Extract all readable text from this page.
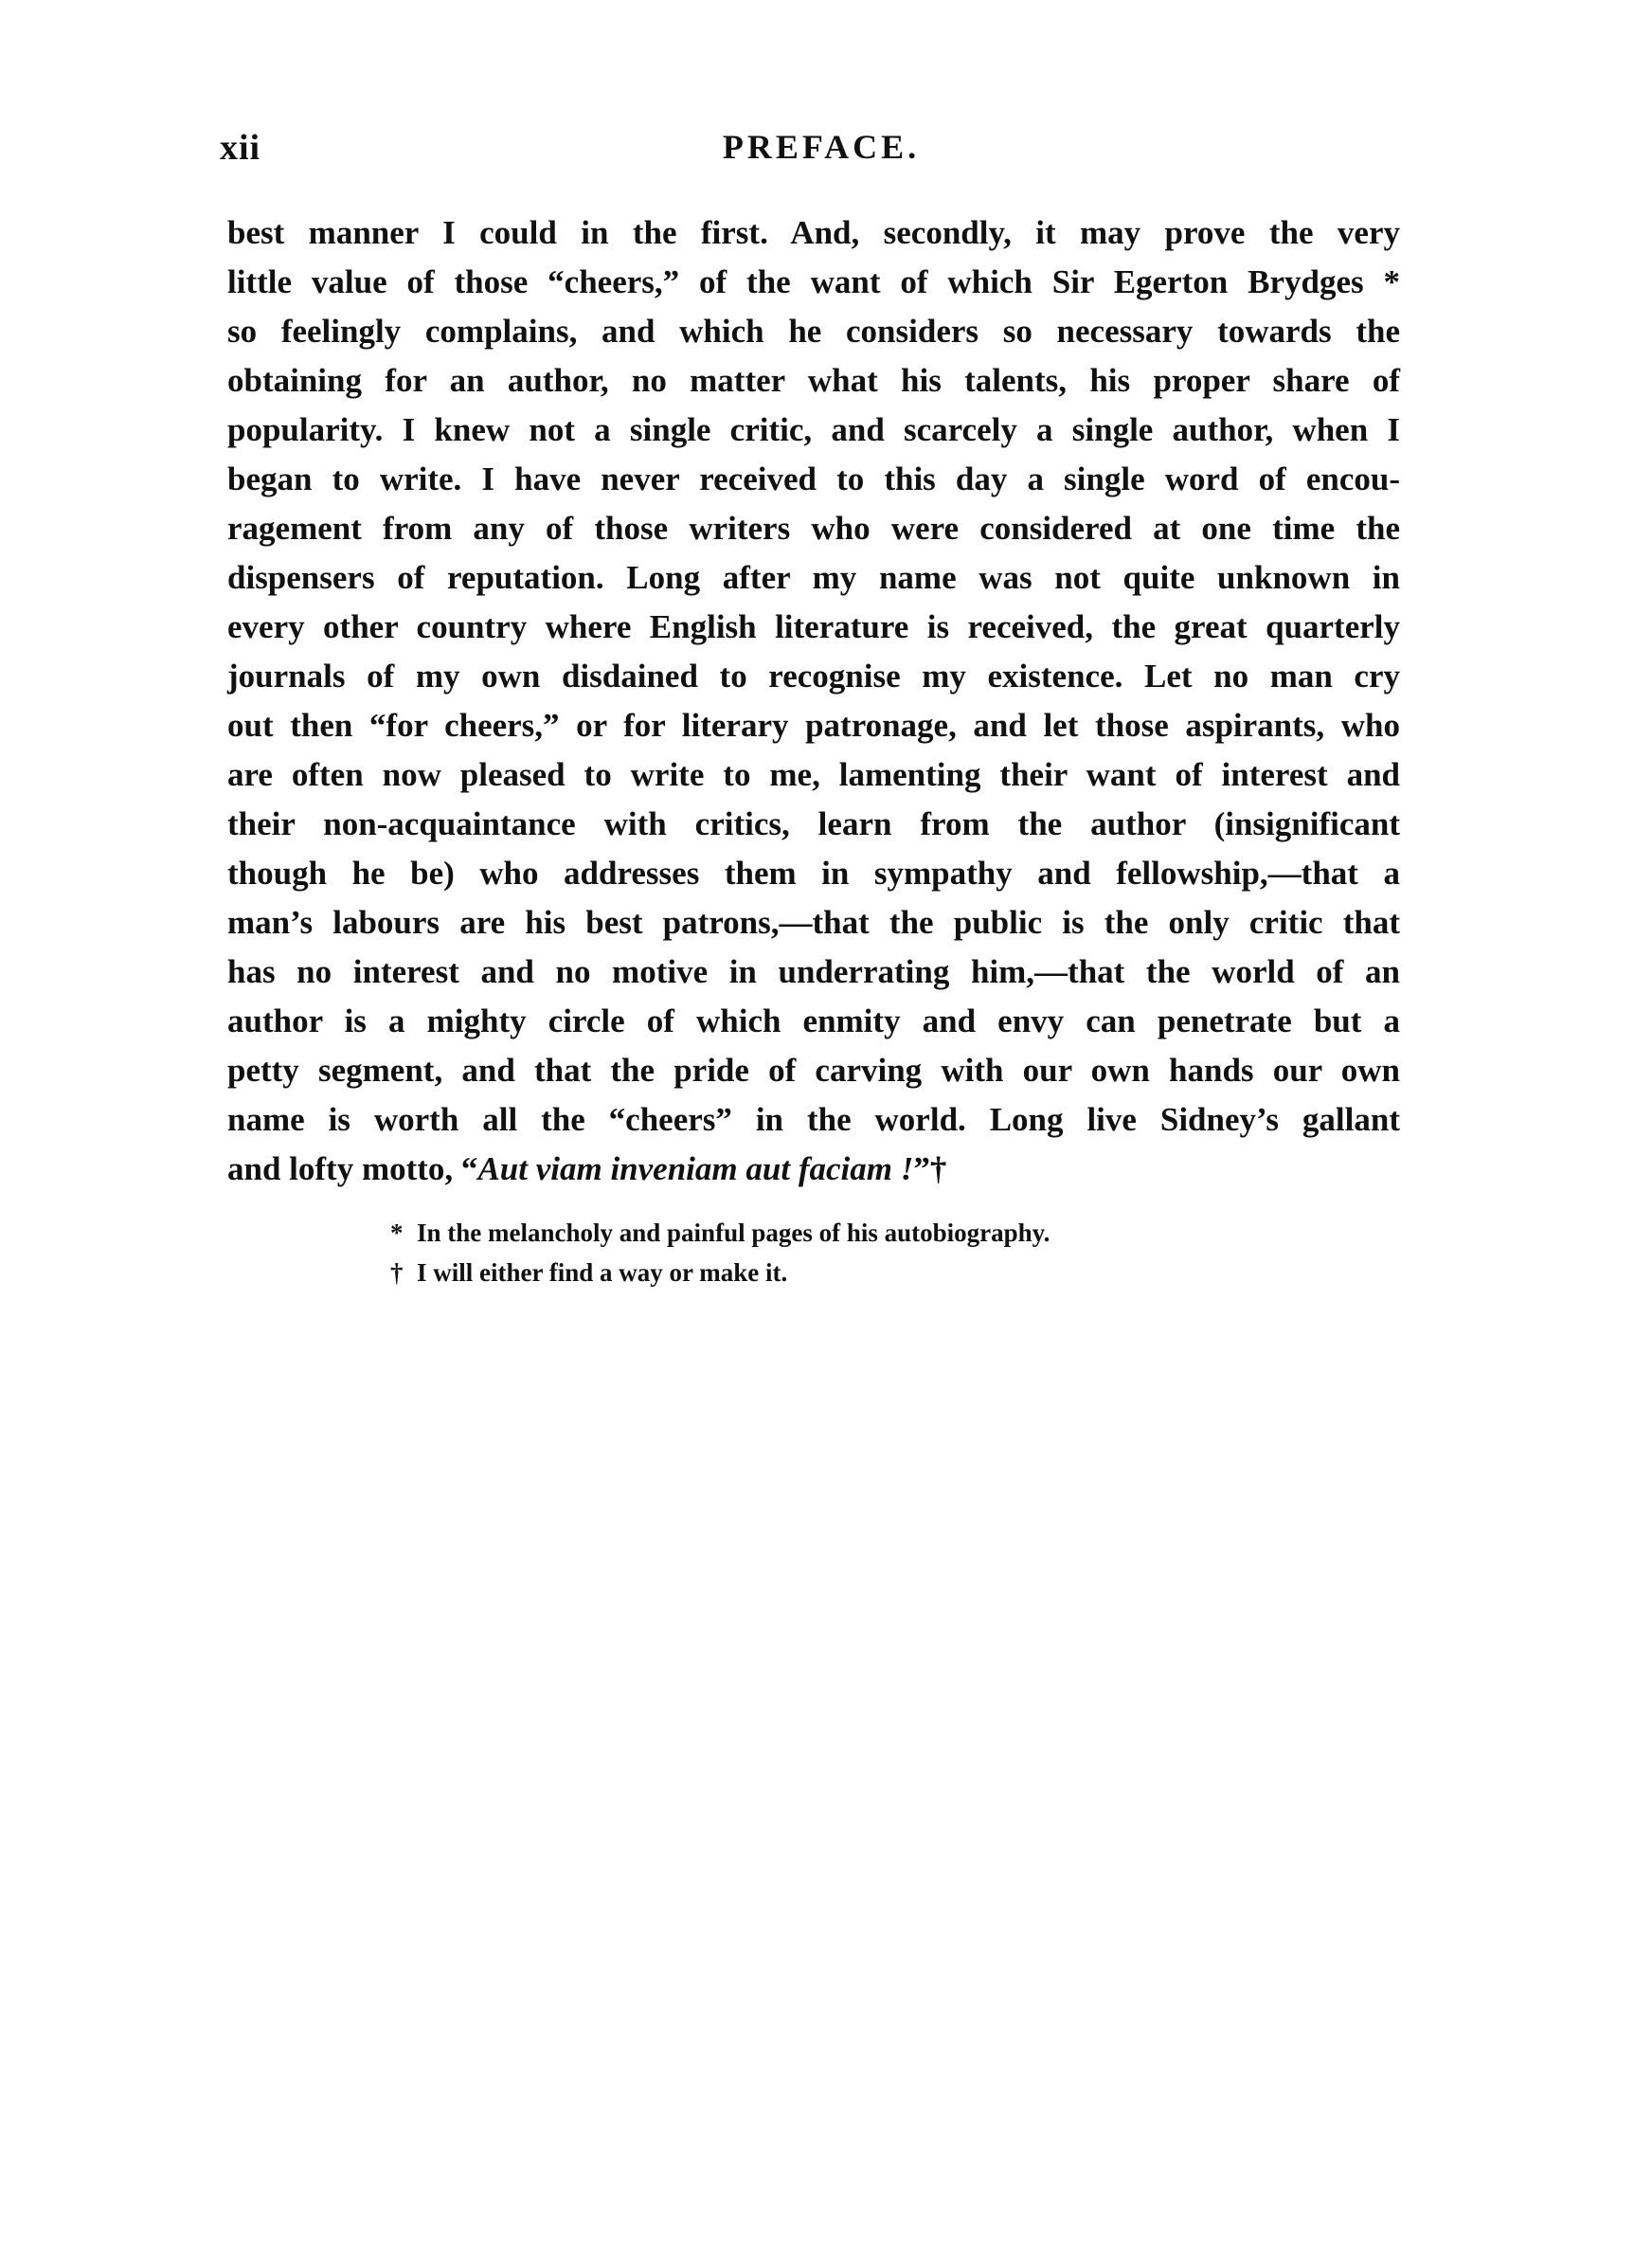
xii	PREFACE.
best manner I could in the first. And, secondly, it may prove the very
little value of those “cheers,” of the want of which Sir Egerton Brydges *
so feelingly complains, and which he considers so necessary towards the
obtaining for an author, no matter what his talents, his proper share of
popularity. I knew not a single critic, and scarcely a single author, when I
began to write. I have never received to this day a single word of encou-
ragement from any of those writers who were considered at one time the
dispensers of reputation. Long after my name was not quite unknown in
every other country where English literature is received, the great quarterly
journals of my own disdained to recognise my existence. Let no man cry
out then “for cheers,” or for literary patronage, and let those aspirants, who
are often now pleased to write to me, lamenting their want of interest and
their non-acquaintance with critics, learn from the author (insignificant
though he be) who addresses them in sympathy and fellowship,—that a
man’s labours are his best patrons,—that the public is the only critic that
has no interest and no motive in underrating him,—that the world of an
author is a mighty circle of which enmity and envy can penetrate but a
petty segment, and that the pride of carving with our own hands our own
name is worth all the “cheers” in the world. Long live Sidney’s gallant
and lofty motto, “Aut viam inveniam aut faciam !”†
* In the melancholy and painful pages of his autobiography.
† I will either find a way or make it.
